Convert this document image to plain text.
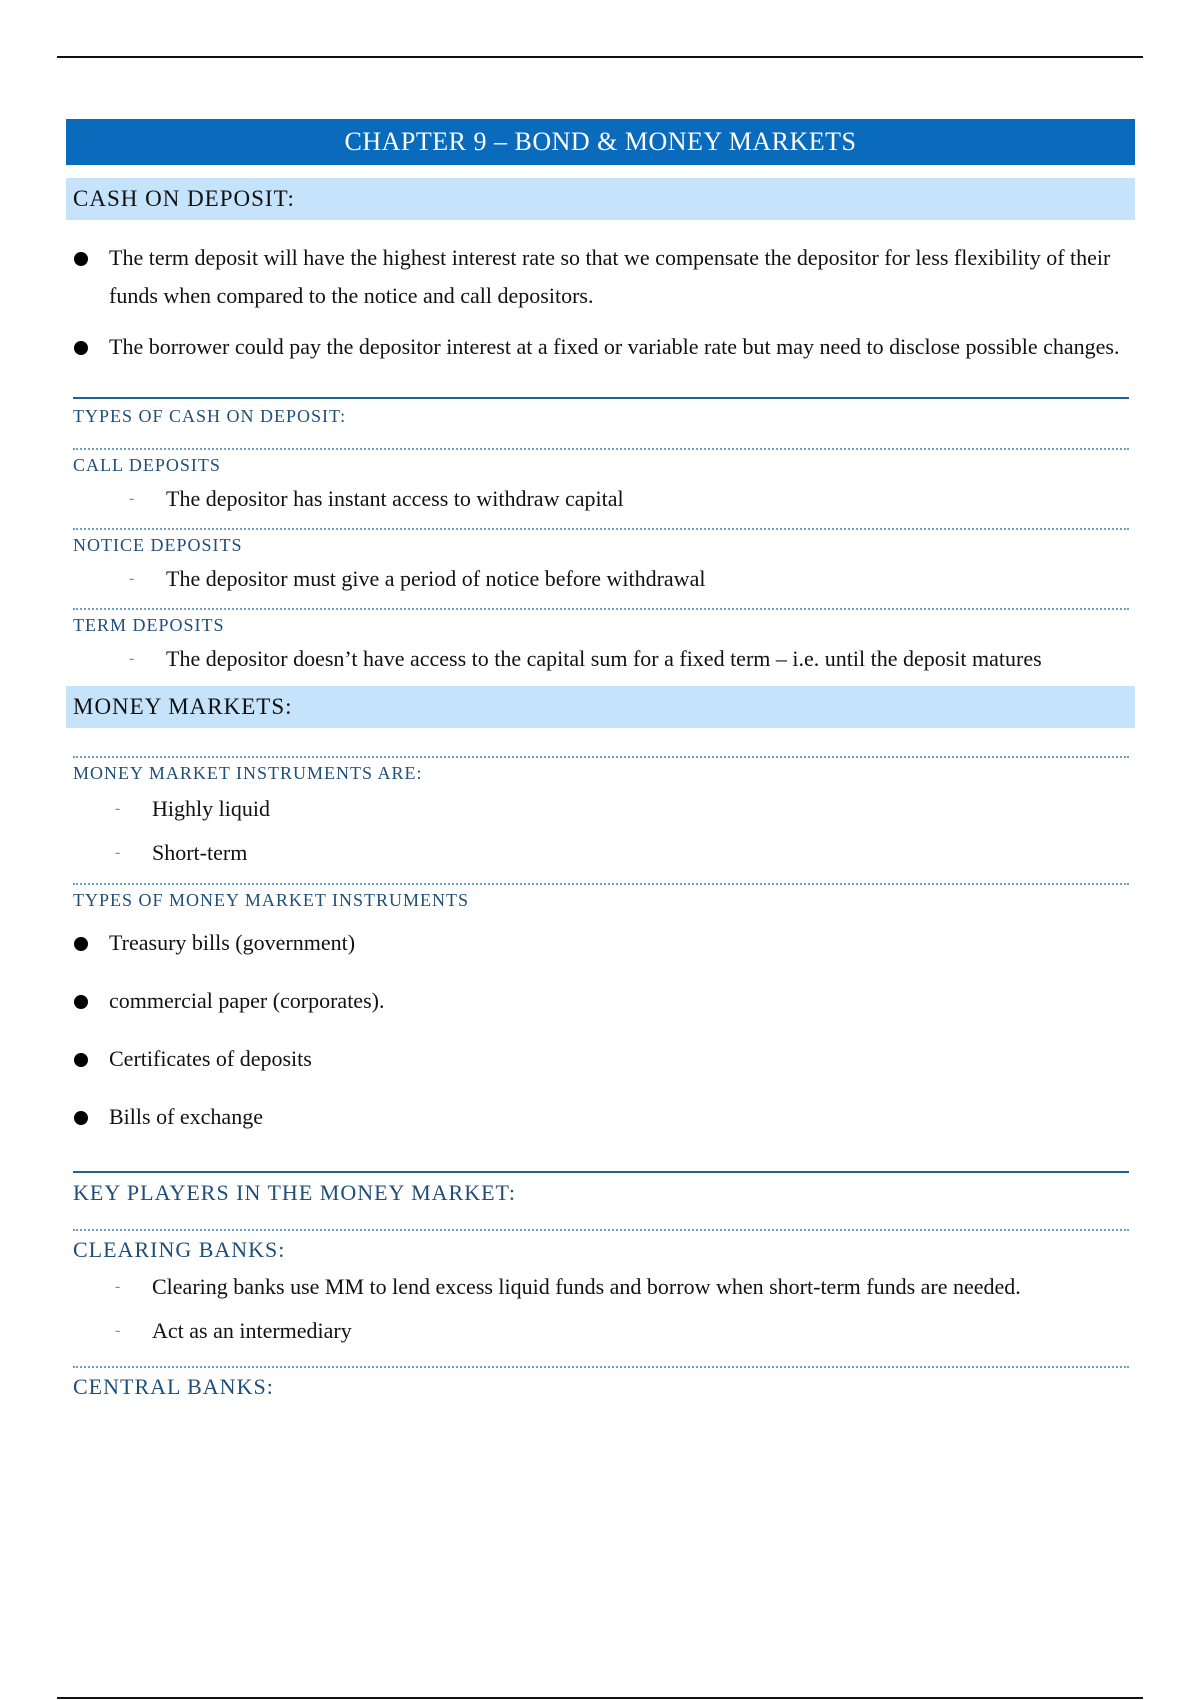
CHAPTER 9 – BOND & MONEY MARKETS
CASH ON DEPOSIT:
The term deposit will have the highest interest rate so that we compensate the depositor for less flexibility of their funds when compared to the notice and call depositors.
The borrower could pay the depositor interest at a fixed or variable rate but may need to disclose possible changes.
TYPES OF CASH ON DEPOSIT:
CALL DEPOSITS
- The depositor has instant access to withdraw capital
NOTICE DEPOSITS
- The depositor must give a period of notice before withdrawal
TERM DEPOSITS
- The depositor doesn’t have access to the capital sum for a fixed term – i.e. until the deposit matures
MONEY MARKETS:
MONEY MARKET INSTRUMENTS ARE:
- Highly liquid
- Short-term
TYPES OF MONEY MARKET INSTRUMENTS
Treasury bills (government)
commercial paper (corporates).
Certificates of deposits
Bills of exchange
KEY PLAYERS IN THE MONEY MARKET:
CLEARING BANKS:
- Clearing banks use MM to lend excess liquid funds and borrow when short-term funds are needed.
- Act as an intermediary
CENTRAL BANKS:
